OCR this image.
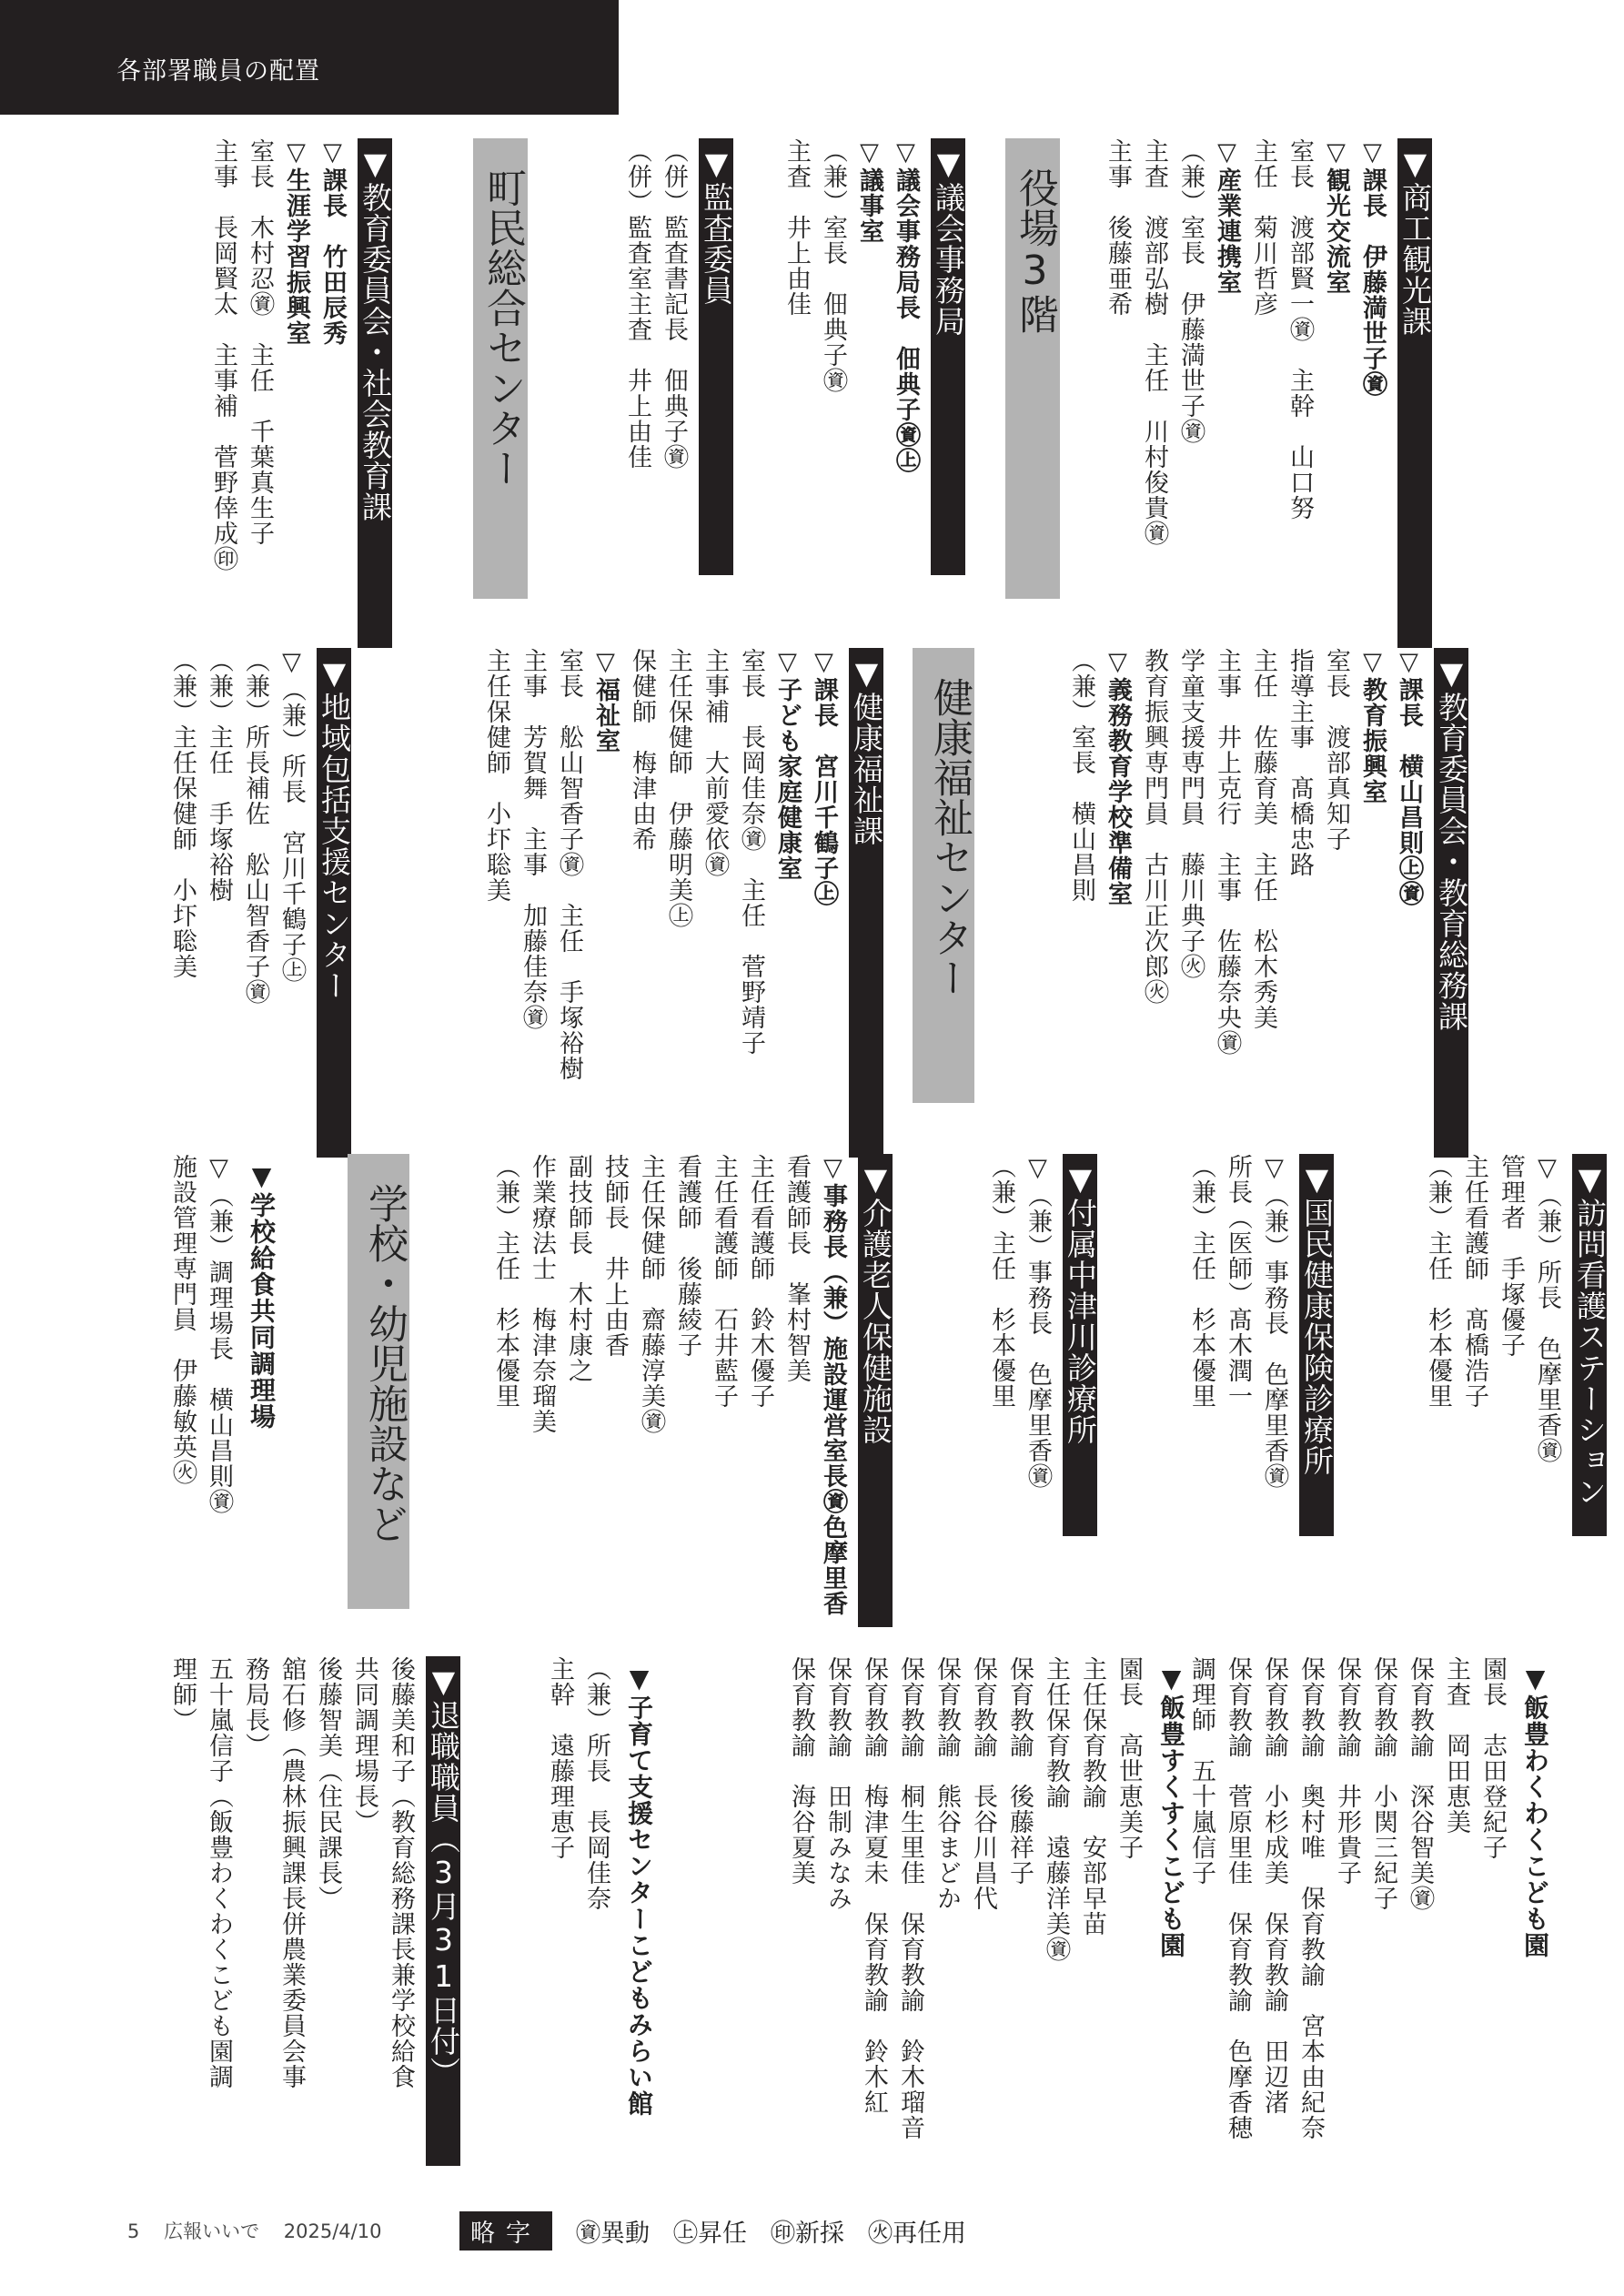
各部署職員の配置
▼商工観光課
▽課長　伊藤満世子㊮
▽観光交流室
室長　渡部賢一㊮　主幹　山口努
主任　菊川哲彦
▽産業連携室
（兼）室長　伊藤満世子㊮
主査　渡部弘樹　主任　川村俊貴㊮
主事　後藤亜希
役場3階
▼議会事務局
▽議会事務局長　佃典子㊮㊤
▽議事室
（兼）室長　佃典子㊮
主査　井上由佳
▼監査委員
（併）監査書記長　佃典子㊮
（併）監査室主査　井上由佳
町民総合センター
▼教育委員会・社会教育課
▽課長　竹田辰秀
▽生涯学習振興室
室長　木村忍㊮　主任　千葉真生子
主事　長岡賢太　主事補　菅野倖成㊞
▼教育委員会・教育総務課
▽課長　横山昌則㊤㊮
▽教育振興室
室長　渡部真知子
指導主事　髙橋忠路
主任　佐藤育美　主任　松木秀美
主事　井上克行　主事　佐藤奈央㊮
学童支援専門員　藤川典子㊋
教育振興専門員　古川正次郎㊋
▽義務教育学校準備室
（兼）室長　横山昌則
健康福祉センター
▼健康福祉課
▽課長　宮川千鶴子㊤
▽子ども家庭健康室
室長　長岡佳奈㊮　主任　菅野靖子
主事補　大前愛依㊮
主任保健師　伊藤明美㊤
保健師　梅津由希
▽福祉室
室長　舩山智香子㊮　主任　手塚裕樹
主事　芳賀舞　主事　加藤佳奈㊮
主任保健師　小圷聡美
▼地域包括支援センター
▽（兼）所長　宮川千鶴子㊤
（兼）所長補佐　舩山智香子㊮
（兼）主任　手塚裕樹
（兼）主任保健師　小圷聡美
▼訪問看護ステーション
▽（兼）所長　色摩里香㊮
管理者　手塚優子
主任看護師　髙橋浩子
（兼）主任　杉本優里
▼国民健康保険診療所
▽（兼）事務長　色摩里香㊮
所長（医師）髙木潤一
（兼）主任　杉本優里
▼付属中津川診療所
▽（兼）事務長　色摩里香㊮
（兼）主任　杉本優里
▼介護老人保健施設
▽事務長（兼）施設運営室長㊮色摩里香
看護師長　峯村智美
主任看護師　鈴木優子
主任看護師　石井藍子
看護師　後藤綾子
主任保健師　齋藤淳美㊮
技師長　井上由香
副技師長　木村康之
作業療法士　梅津奈瑠美
（兼）主任　杉本優里
学校・幼児施設など
▼学校給食共同調理場
▽（兼）調理場長　横山昌則㊮
施設管理専門員　伊藤敏英㊋
▼飯豊わくわくこども園
園長　志田登紀子
主査　岡田恵美
保育教諭　深谷智美㊮
保育教諭　小関三紀子
保育教諭　井形貴子
保育教諭　奥村唯　保育教諭　宮本由紀奈
保育教諭　小杉成美　保育教諭　田辺渚
保育教諭　菅原里佳　保育教諭　色摩香穂
調理師　五十嵐信子
▼飯豊すくすくこども園
園長　高世恵美子
主任保育教諭　安部早苗
主任保育教諭　遠藤洋美㊮
保育教諭　後藤祥子
保育教諭　長谷川昌代
保育教諭　熊谷まどか
保育教諭　桐生里佳　保育教諭　鈴木瑠音
保育教諭　梅津夏未　保育教諭　鈴木紅
保育教諭　田制みなみ
保育教諭　海谷夏美
▼子育て支援センターこどもみらい館
（兼）所長　長岡佳奈
主幹　遠藤理恵子
▼退職職員（3月31日付）
後藤美和子（教育総務課長兼学校給食
共同調理場長）
後藤智美（住民課長）
舘石修（農林振興課長併農業委員会事
務局長）
五十嵐信子（飯豊わくわくこども園調
理師）
5 広報いいで 2025/4/10	略字	㊮異動 ㊤昇任 ㊞新採 ㊋再任用
